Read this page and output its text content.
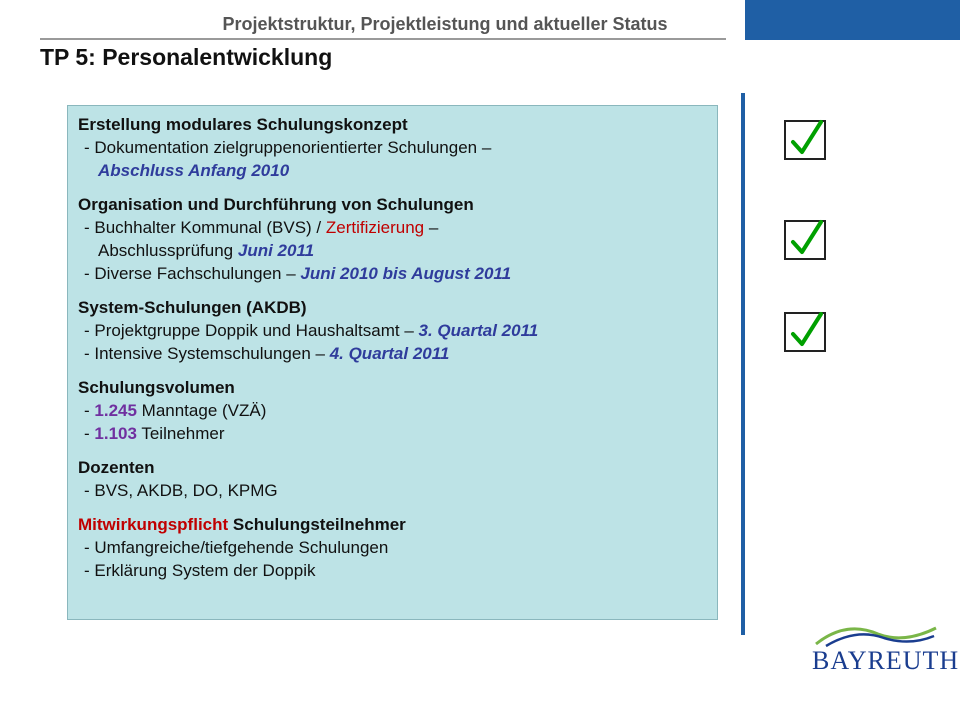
Projektstruktur, Projektleistung und aktueller Status
TP 5: Personalentwicklung
Erstellung modulares Schulungskonzept
- Dokumentation zielgruppenorientierter Schulungen –
Abschluss Anfang 2010
Organisation und Durchführung von Schulungen
- Buchhalter Kommunal (BVS) / Zertifizierung –
Abschlussprüfung Juni 2011
- Diverse Fachschulungen – Juni 2010 bis August 2011
System-Schulungen (AKDB)
- Projektgruppe Doppik und Haushaltsamt – 3. Quartal 2011
- Intensive Systemschulungen – 4. Quartal 2011
Schulungsvolumen
- 1.245 Manntage (VZÄ)
- 1.103 Teilnehmer
Dozenten
- BVS, AKDB, DO, KPMG
Mitwirkungspflicht Schulungsteilnehmer
- Umfangreiche/tiefgehende Schulungen
- Erklärung System der Doppik
BAYREUTH
